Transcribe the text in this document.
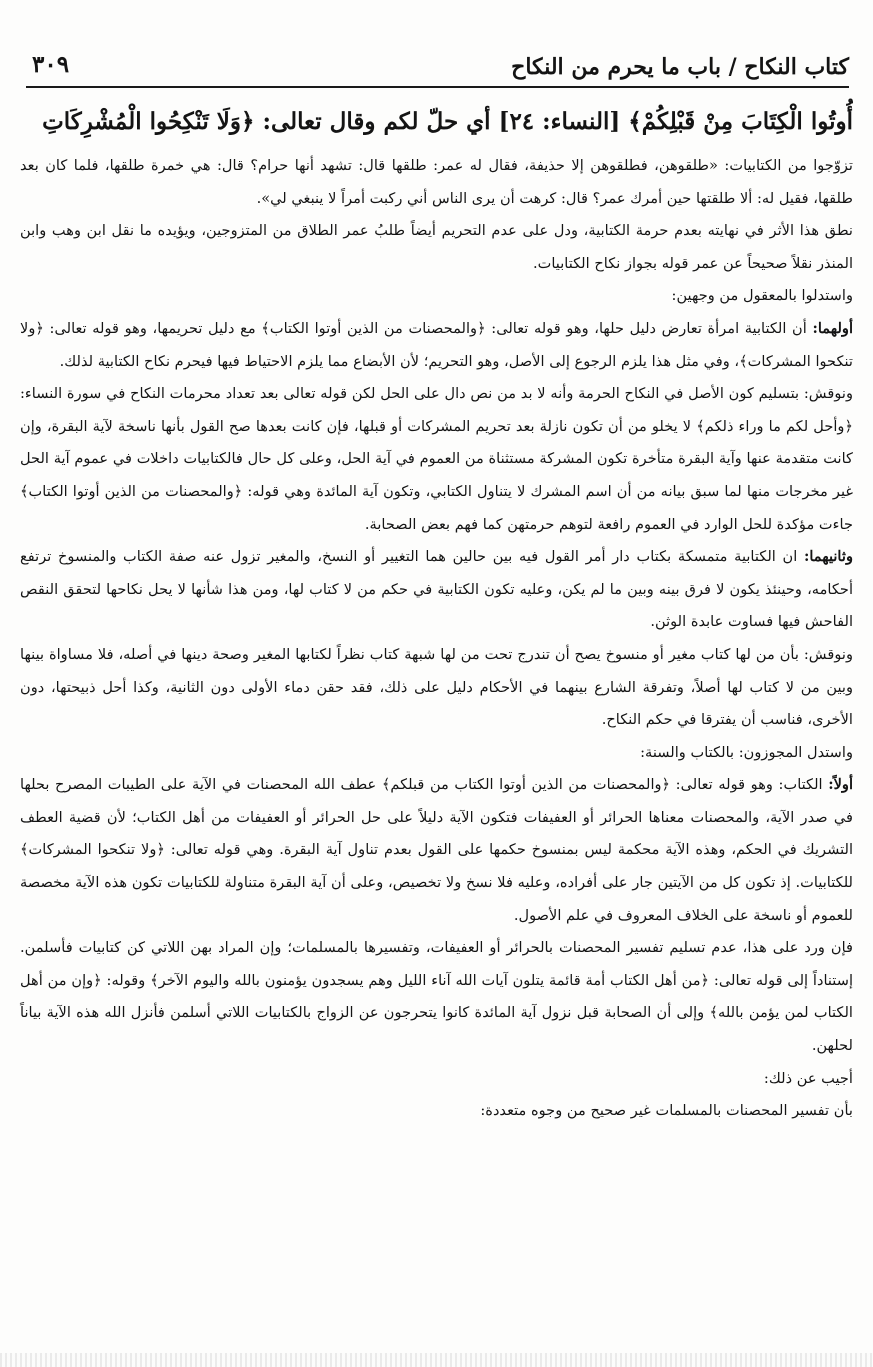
كتاب النكاح / باب ما يحرم من النكاح
٣٠٩

أُوتُوا الْكِتَابَ مِنْ قَبْلِكُمْ﴾ [النساء: ٢٤] أي حلّ لكم وقال تعالى: ﴿وَلَا تَنْكِحُوا الْمُشْرِكَاتِ

تزوّجوا من الكتابيات: «طلقوهن، فطلقوهن إلا حذيفة، فقال له عمر: طلقها قال: تشهد أنها حرام؟ قال: هي خمرة طلقها، فلما كان بعد طلقها، فقيل له: ألا طلقتها حين أمرك عمر؟ قال: كرهت أن يرى الناس أني ركبت أمراً لا ينبغي لي».

نطق هذا الأثر في نهايته بعدم حرمة الكتابية، ودل على عدم التحريم أيضاً طلبُ عمر الطلاق من المتزوجين، ويؤيده ما نقل ابن وهب وابن المنذر نقلاً صحيحاً عن عمر قوله بجواز نكاح الكتابيات.

واستدلوا بالمعقول من وجهين:

أولهما: أن الكتابية امرأة تعارض دليل حلها، وهو قوله تعالى: ﴿والمحصنات من الذين أوتوا الكتاب﴾ مع دليل تحريمها، وهو قوله تعالى: ﴿ولا تنكحوا المشركات﴾، وفي مثل هذا يلزم الرجوع إلى الأصل، وهو التحريم؛ لأن الأبضاع مما يلزم الاحتياط فيها فيحرم نكاح الكتابية لذلك.

ونوقش: بتسليم كون الأصل في النكاح الحرمة وأنه لا بد من نص دال على الحل لكن قوله تعالى بعد تعداد محرمات النكاح في سورة النساء: ﴿وأحل لكم ما وراء ذلكم﴾ لا يخلو من أن تكون نازلة بعد تحريم المشركات أو قبلها، فإن كانت بعدها صح القول بأنها ناسخة لآية البقرة، وإن كانت متقدمة عنها وآية البقرة متأخرة تكون المشركة مستثناة من العموم في آية الحل، وعلى كل حال فالكتابيات داخلات في عموم آية الحل غير مخرجات منها لما سبق بيانه من أن اسم المشرك لا يتناول الكتابي، وتكون آية المائدة وهي قوله: ﴿والمحصنات من الذين أوتوا الكتاب﴾ جاءت مؤكدة للحل الوارد في العموم رافعة لتوهم حرمتهن كما فهم بعض الصحابة.

وثانيهما: ان الكتابية متمسكة بكتاب دار أمر القول فيه بين حالين هما التغيير أو النسخ، والمغير تزول عنه صفة الكتاب والمنسوخ ترتفع أحكامه، وحينئذ يكون لا فرق بينه وبين ما لم يكن، وعليه تكون الكتابية في حكم من لا كتاب لها، ومن هذا شأنها لا يحل نكاحها لتحقق النقص الفاحش فيها فساوت عابدة الوثن.

ونوقش: بأن من لها كتاب مغير أو منسوخ يصح أن تندرج تحت من لها شبهة كتاب نظراً لكتابها المغير وصحة دينها في أصله، فلا مساواة بينها وبين من لا كتاب لها أصلاً، وتفرقة الشارع بينهما في الأحكام دليل على ذلك، فقد حقن دماء الأولى دون الثانية، وكذا أحل ذبيحتها، دون الأخرى، فناسب أن يفترقا في حكم النكاح.

واستدل المجوزون: بالكتاب والسنة:

أولاً: الكتاب: وهو قوله تعالى: ﴿والمحصنات من الذين أوتوا الكتاب من قبلكم﴾ عطف الله المحصنات في الآية على الطيبات المصرح بحلها في صدر الآية، والمحصنات معناها الحرائر أو العفيفات فتكون الآية دليلاً على حل الحرائر أو العفيفات من أهل الكتاب؛ لأن قضية العطف التشريك في الحكم، وهذه الآية محكمة ليس بمنسوخ حكمها على القول بعدم تناول آية البقرة. وهي قوله تعالى: ﴿ولا تنكحوا المشركات﴾ للكتابيات. إذ تكون كل من الآيتين جار على أفراده، وعليه فلا نسخ ولا تخصيص، وعلى أن آية البقرة متناولة للكتابيات تكون هذه الآية مخصصة للعموم أو ناسخة على الخلاف المعروف في علم الأصول.

فإن ورد على هذا، عدم تسليم تفسير المحصنات بالحرائر أو العفيفات، وتفسيرها بالمسلمات؛ وإن المراد بهن اللاتي كن كتابيات فأسلمن. إستناداً إلى قوله تعالى: ﴿من أهل الكتاب أمة قائمة يتلون آيات الله آناء الليل وهم يسجدون يؤمنون بالله واليوم الآخر﴾ وقوله: ﴿وإن من أهل الكتاب لمن يؤمن بالله﴾ وإلى أن الصحابة قبل نزول آية المائدة كانوا يتحرجون عن الزواج بالكتابيات اللاتي أسلمن فأنزل الله هذه الآية بياناً لحلهن.

أجيب عن ذلك:

بأن تفسير المحصنات بالمسلمات غير صحيح من وجوه متعددة:
